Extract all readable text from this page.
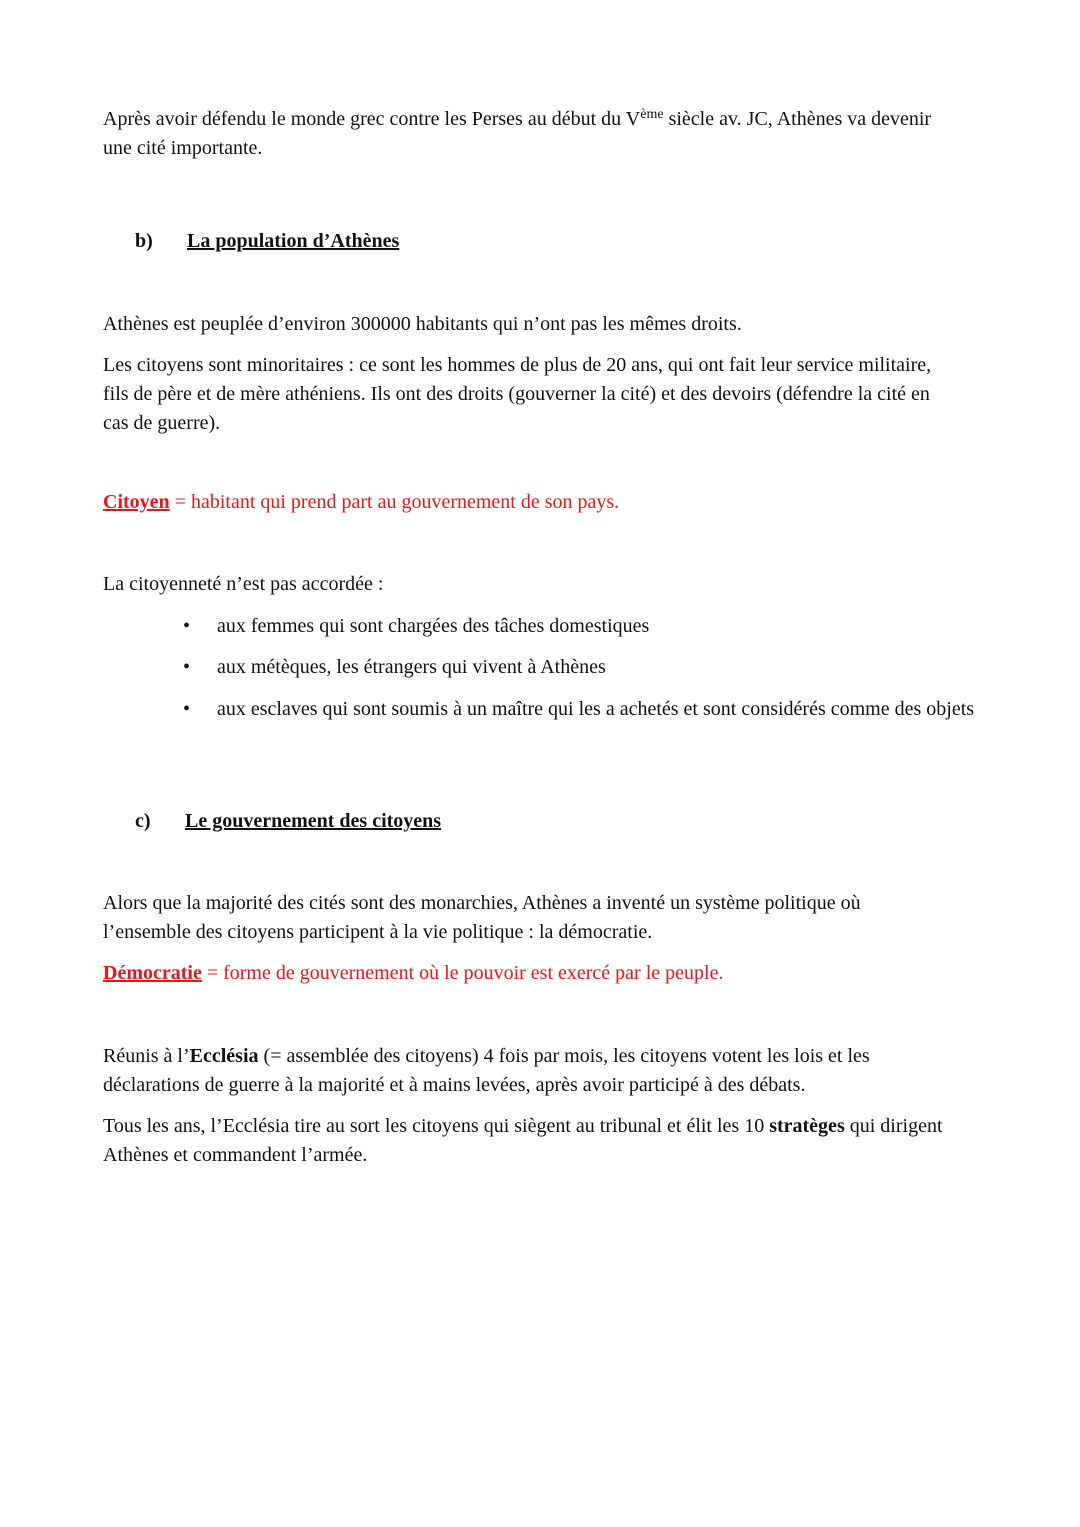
Après avoir défendu le monde grec contre les Perses au début du Vème siècle av. JC, Athènes va devenir une cité importante.

b) La population d’Athènes

Athènes est peuplée d’environ 300000 habitants qui n’ont pas les mêmes droits.

Les citoyens sont minoritaires : ce sont les hommes de plus de 20 ans, qui ont fait leur service militaire, fils de père et de mère athéniens. Ils ont des droits (gouverner la cité) et des devoirs (défendre la cité en cas de guerre).

Citoyen = habitant qui prend part au gouvernement de son pays.

La citoyenneté n’est pas accordée :

• aux femmes qui sont chargées des tâches domestiques
• aux métèques, les étrangers qui vivent à Athènes
• aux esclaves qui sont soumis à un maître qui les a achetés et sont considérés comme des objets
c) Le gouvernement des citoyens

Alors que la majorité des cités sont des monarchies, Athènes a inventé un système politique où l’ensemble des citoyens participent à la vie politique : la démocratie.

Démocratie = forme de gouvernement où le pouvoir est exercé par le peuple.

Réunis à l’Ecclésia (= assemblée des citoyens) 4 fois par mois, les citoyens votent les lois et les déclarations de guerre à la majorité et à mains levées, après avoir participé à des débats.

Tous les ans, l’Ecclésia tire au sort les citoyens qui siègent au tribunal et élit les 10 stratèges qui dirigent Athènes et commandent l’armée.
